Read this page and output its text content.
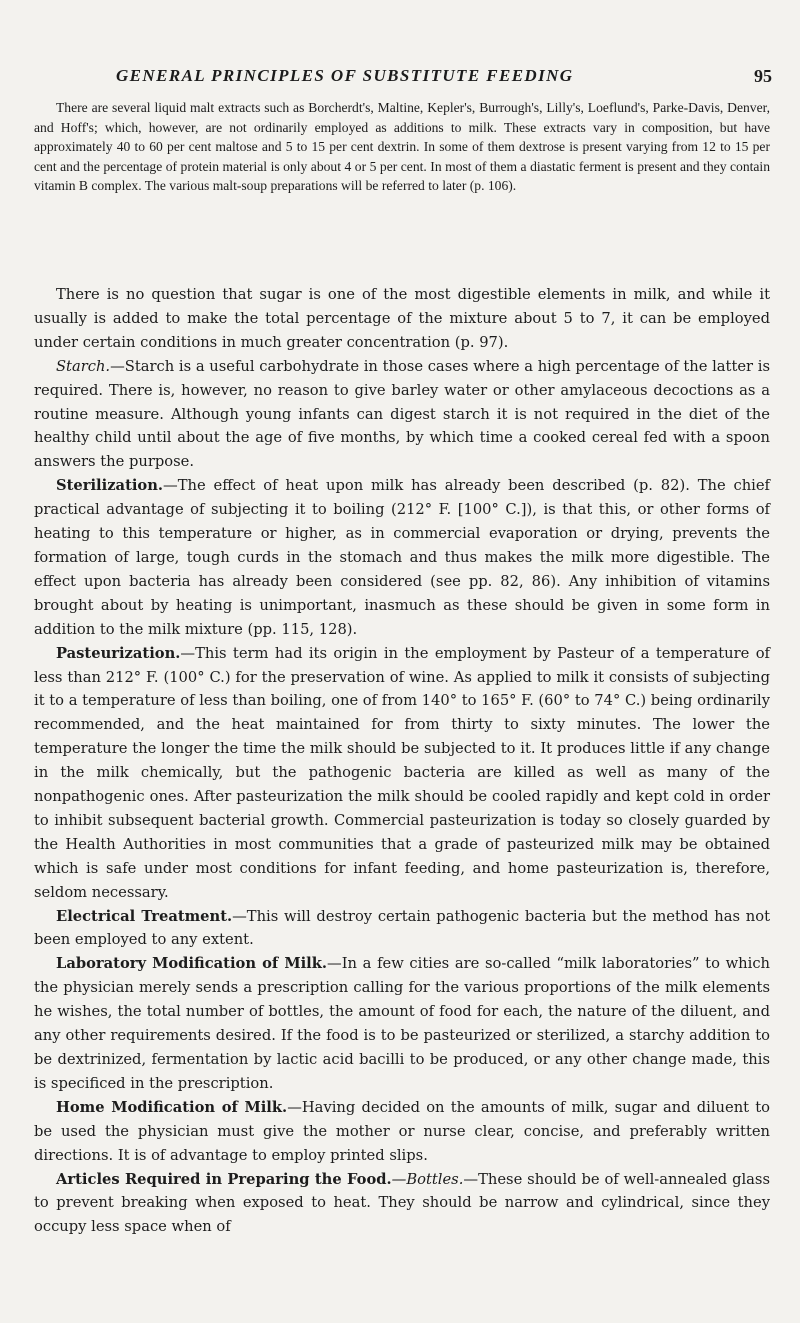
GENERAL PRINCIPLES OF SUBSTITUTE FEEDING	95

There are several liquid malt extracts such as Borcherdt's, Maltine, Kepler's, Burrough's, Lilly's, Loeflund's, Parke-Davis, Denver, and Hoff's; which, however, are not ordinarily employed as additions to milk. These extracts vary in composition, but have approximately 40 to 60 per cent maltose and 5 to 15 per cent dextrin. In some of them dextrose is present varying from 12 to 15 per cent and the percentage of protein material is only about 4 or 5 per cent. In most of them a diastatic ferment is present and they contain vitamin B complex. The various malt-soup preparations will be referred to later (p. 106).

There is no question that sugar is one of the most digestible elements in milk, and while it usually is added to make the total percentage of the mixture about 5 to 7, it can be employed under certain conditions in much greater concentration (p. 97).

Starch.—Starch is a useful carbohydrate in those cases where a high percentage of the latter is required. There is, however, no reason to give barley water or other amylaceous decoctions as a routine measure. Although young infants can digest starch it is not required in the diet of the healthy child until about the age of five months, by which time a cooked cereal fed with a spoon answers the purpose.

Sterilization.—The effect of heat upon milk has already been described (p. 82). The chief practical advantage of subjecting it to boiling (212° F. [100° C.]), is that this, or other forms of heating to this temperature or higher, as in commercial evaporation or drying, prevents the formation of large, tough curds in the stomach and thus makes the milk more digestible. The effect upon bacteria has already been considered (see pp. 82, 86). Any inhibition of vitamins brought about by heating is unimportant, inasmuch as these should be given in some form in addition to the milk mixture (pp. 115, 128).

Pasteurization.—This term had its origin in the employment by Pasteur of a temperature of less than 212° F. (100° C.) for the preservation of wine. As applied to milk it consists of subjecting it to a temperature of less than boiling, one of from 140° to 165° F. (60° to 74° C.) being ordinarily recommended, and the heat maintained for from thirty to sixty minutes. The lower the temperature the longer the time the milk should be subjected to it. It produces little if any change in the milk chemically, but the pathogenic bacteria are killed as well as many of the nonpathogenic ones. After pasteurization the milk should be cooled rapidly and kept cold in order to inhibit subsequent bacterial growth. Commercial pasteurization is today so closely guarded by the Health Authorities in most communities that a grade of pasteurized milk may be obtained which is safe under most conditions for infant feeding, and home pasteurization is, therefore, seldom necessary.

Electrical Treatment.—This will destroy certain pathogenic bacteria but the method has not been employed to any extent.

Laboratory Modification of Milk.—In a few cities are so-called “milk laboratories” to which the physician merely sends a prescription calling for the various proportions of the milk elements he wishes, the total number of bottles, the amount of food for each, the nature of the diluent, and any other requirements desired. If the food is to be pasteurized or sterilized, a starchy addition to be dextrinized, fermentation by lactic acid bacilli to be produced, or any other change made, this is specificed in the prescription.

Home Modification of Milk.—Having decided on the amounts of milk, sugar and diluent to be used the physician must give the mother or nurse clear, concise, and preferably written directions. It is of advantage to employ printed slips.

Articles Required in Preparing the Food.—Bottles.—These should be of well-annealed glass to prevent breaking when exposed to heat. They should be narrow and cylindrical, since they occupy less space when of
